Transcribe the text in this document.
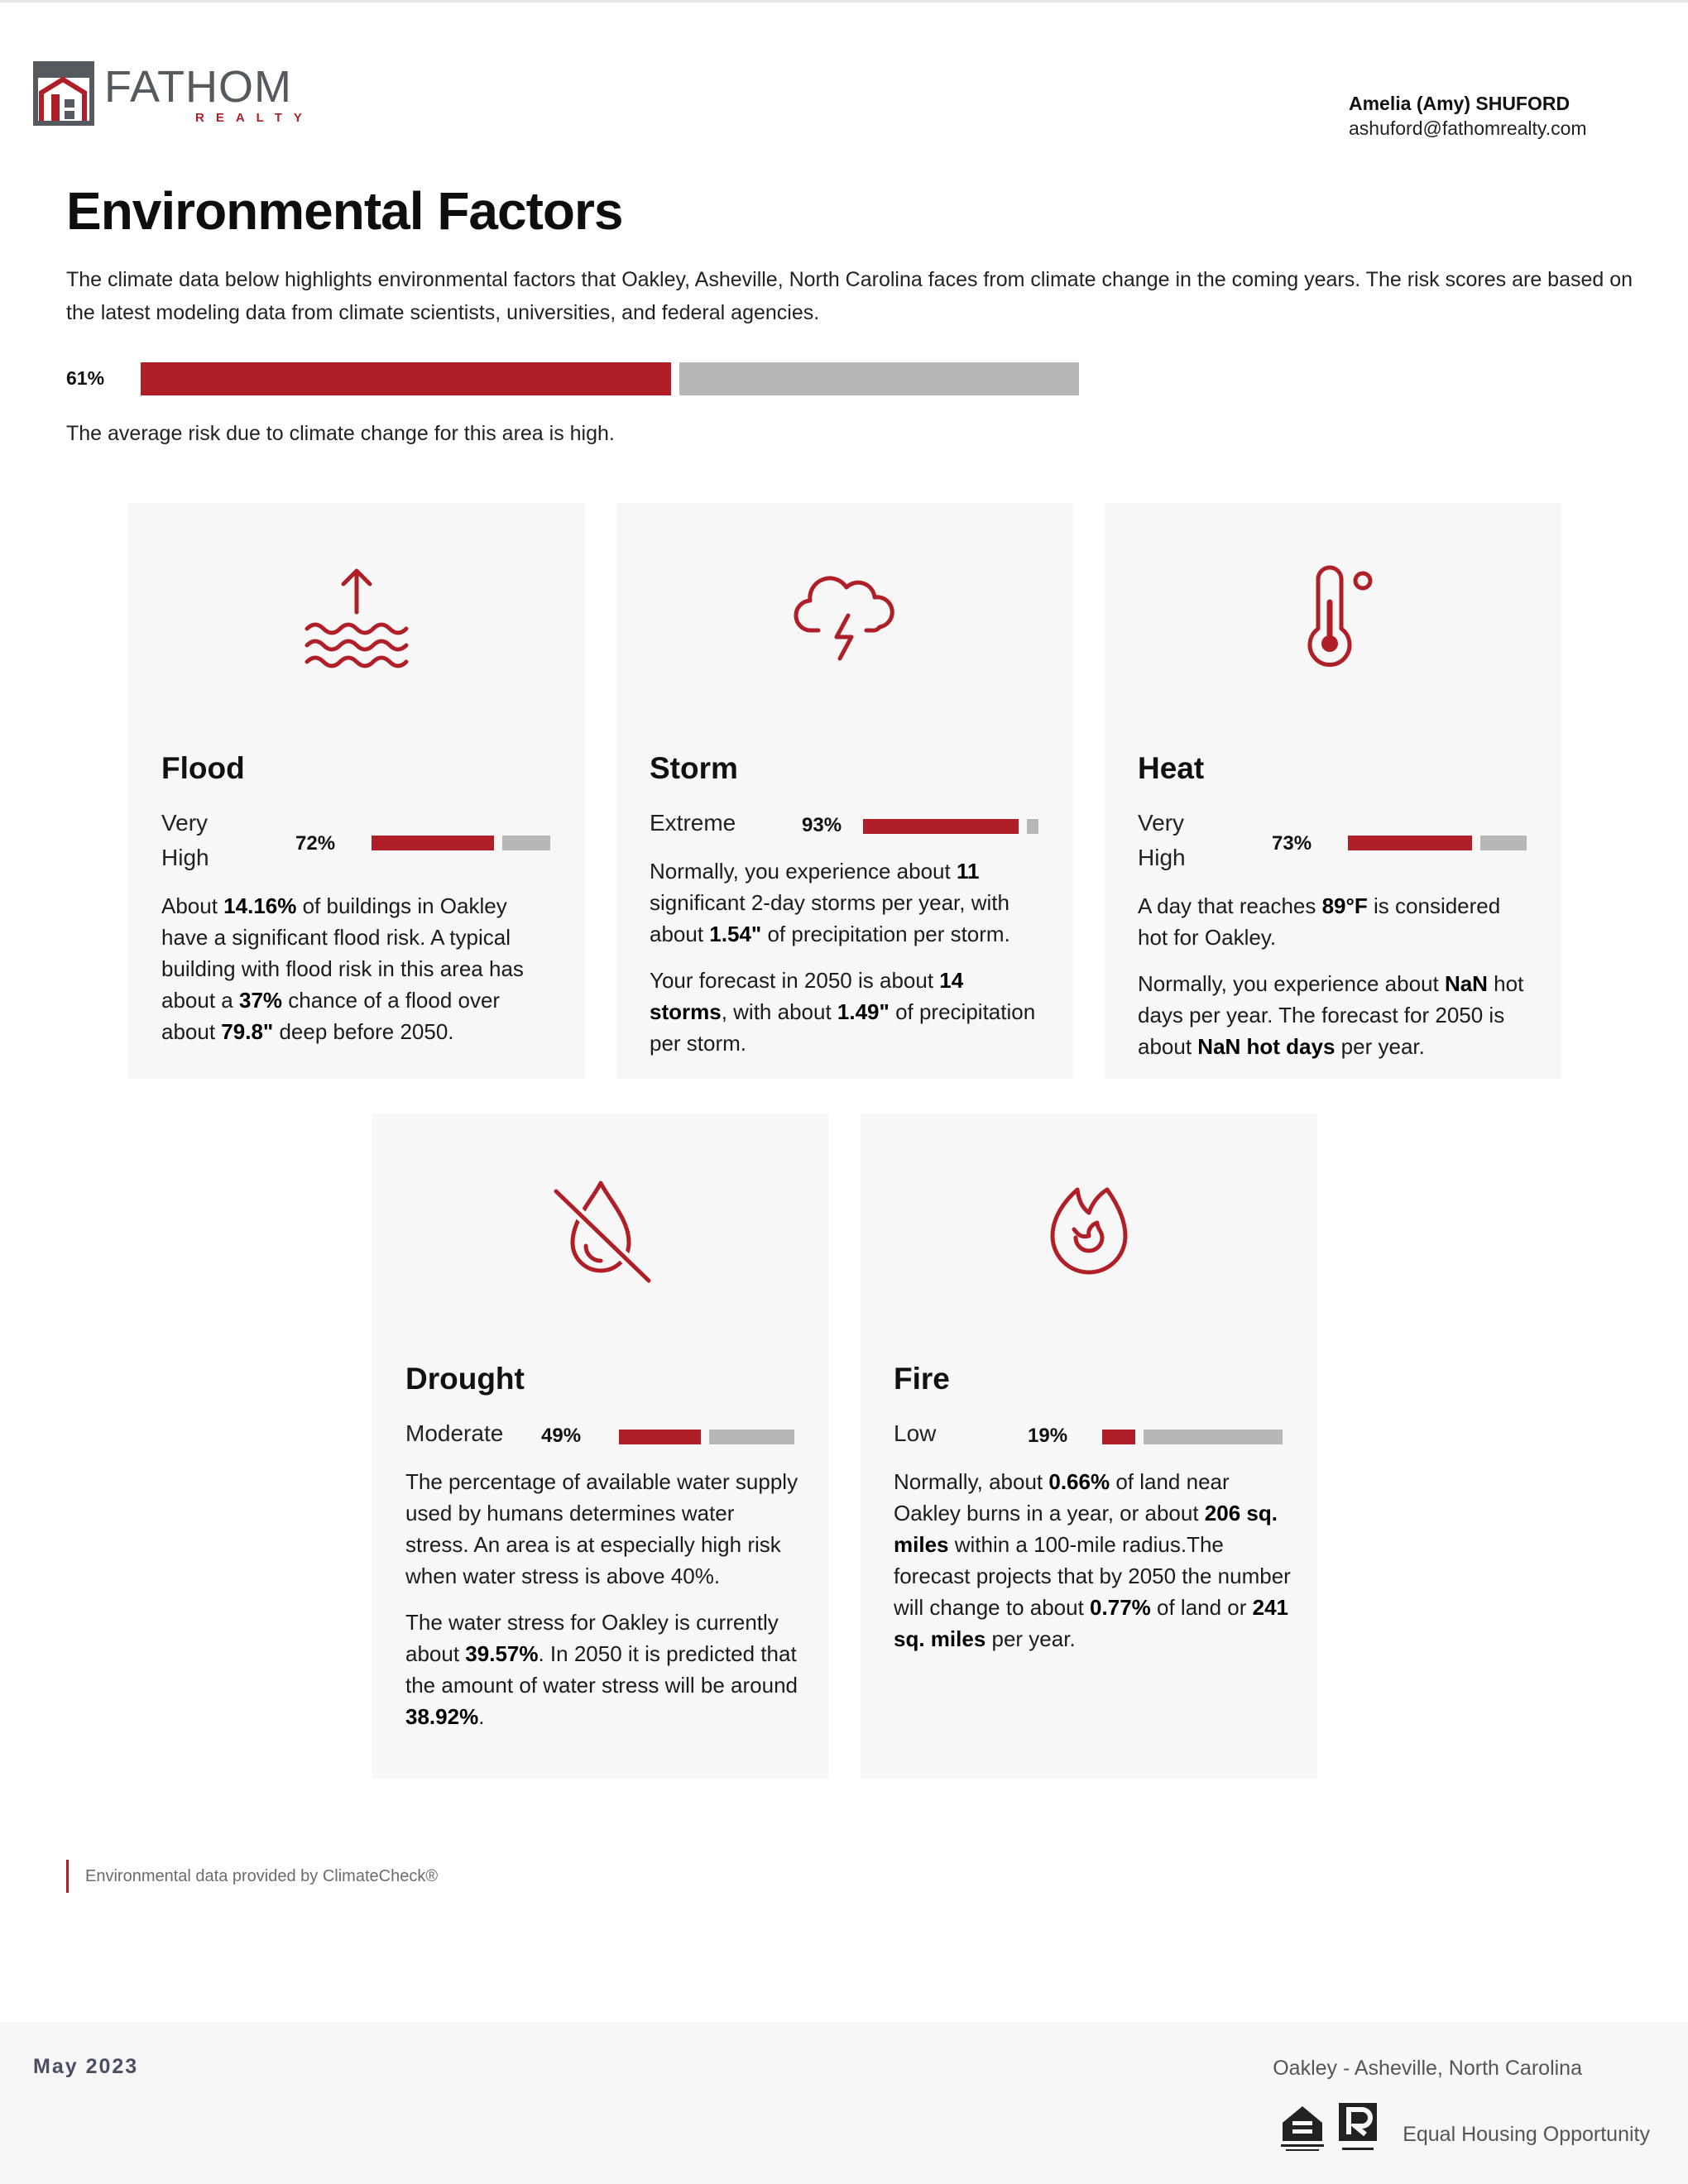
FATHOM
REALTY
Amelia (Amy) SHUFORD
ashuford@fathomrealty.com
Environmental Factors

The climate data below highlights environmental factors that Oakley, Asheville, North Carolina faces from climate change in the coming years. The risk scores are based on the latest modeling data from climate scientists, universities, and federal agencies.

61%

The average risk due to climate change for this area is high.

Flood
Very High
72%

About 14.16% of buildings in Oakley have a significant flood risk. A typical building with flood risk in this area has about a 37% chance of a flood over about 79.8" deep before 2050.

Storm
Extreme	93%

Normally, you experience about 11 significant 2-day storms per year, with about 1.54" of precipitation per storm.

Your forecast in 2050 is about 14 storms, with about 1.49" of precipitation per storm.

Heat
Very High
73%

A day that reaches 89°F is considered hot for Oakley.

Normally, you experience about NaN hot days per year. The forecast for 2050 is about NaN hot days per year.

Drought
Moderate	49%

The percentage of available water supply used by humans determines water stress. An area is at especially high risk when water stress is above 40%.

The water stress for Oakley is currently about 39.57%. In 2050 it is predicted that the amount of water stress will be around 38.92%.

Fire
Low	19%

Normally, about 0.66% of land near Oakley burns in a year, or about 206 sq. miles within a 100-mile radius.The forecast projects that by 2050 the number will change to about 0.77% of land or 241 sq. miles per year.

Environmental data provided by ClimateCheck®
May 2023	Oakley - Asheville, North Carolina
Equal Housing Opportunity
